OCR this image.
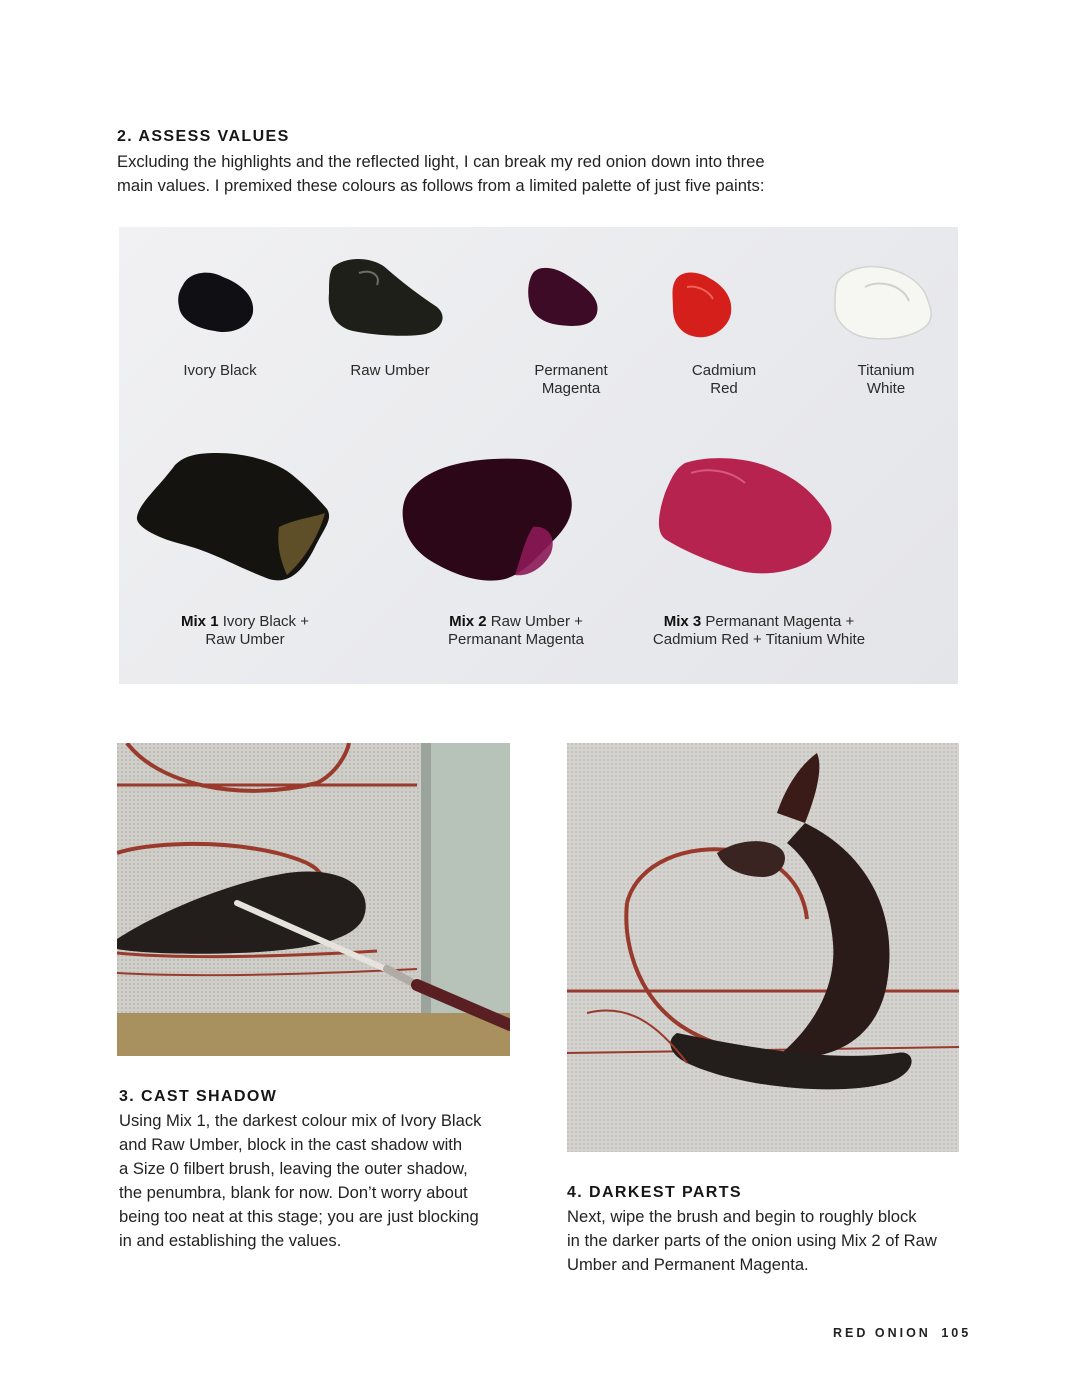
2. ASSESS VALUES
Excluding the highlights and the reflected light, I can break my red onion down into three
main values. I premixed these colours as follows from a limited palette of just five paints:
Ivory Black	Raw Umber	Permanent
Magenta
Cadmium
Red
Titanium
White
Mix 1 Ivory Black +
Raw Umber
Mix 2 Raw Umber +
Permanant Magenta
Mix 3 Permanant Magenta +
Cadmium Red + Titanium White
3. CAST SHADOW
Using Mix 1, the darkest colour mix of Ivory Black
and Raw Umber, block in the cast shadow with
a Size 0 filbert brush, leaving the outer shadow,
the penumbra, blank for now. Don’t worry about
being too neat at this stage; you are just blocking
in and establishing the values.
4. DARKEST PARTS
Next, wipe the brush and begin to roughly block
in the darker parts of the onion using Mix 2 of Raw
Umber and Permanent Magenta.
RED ONION 105
